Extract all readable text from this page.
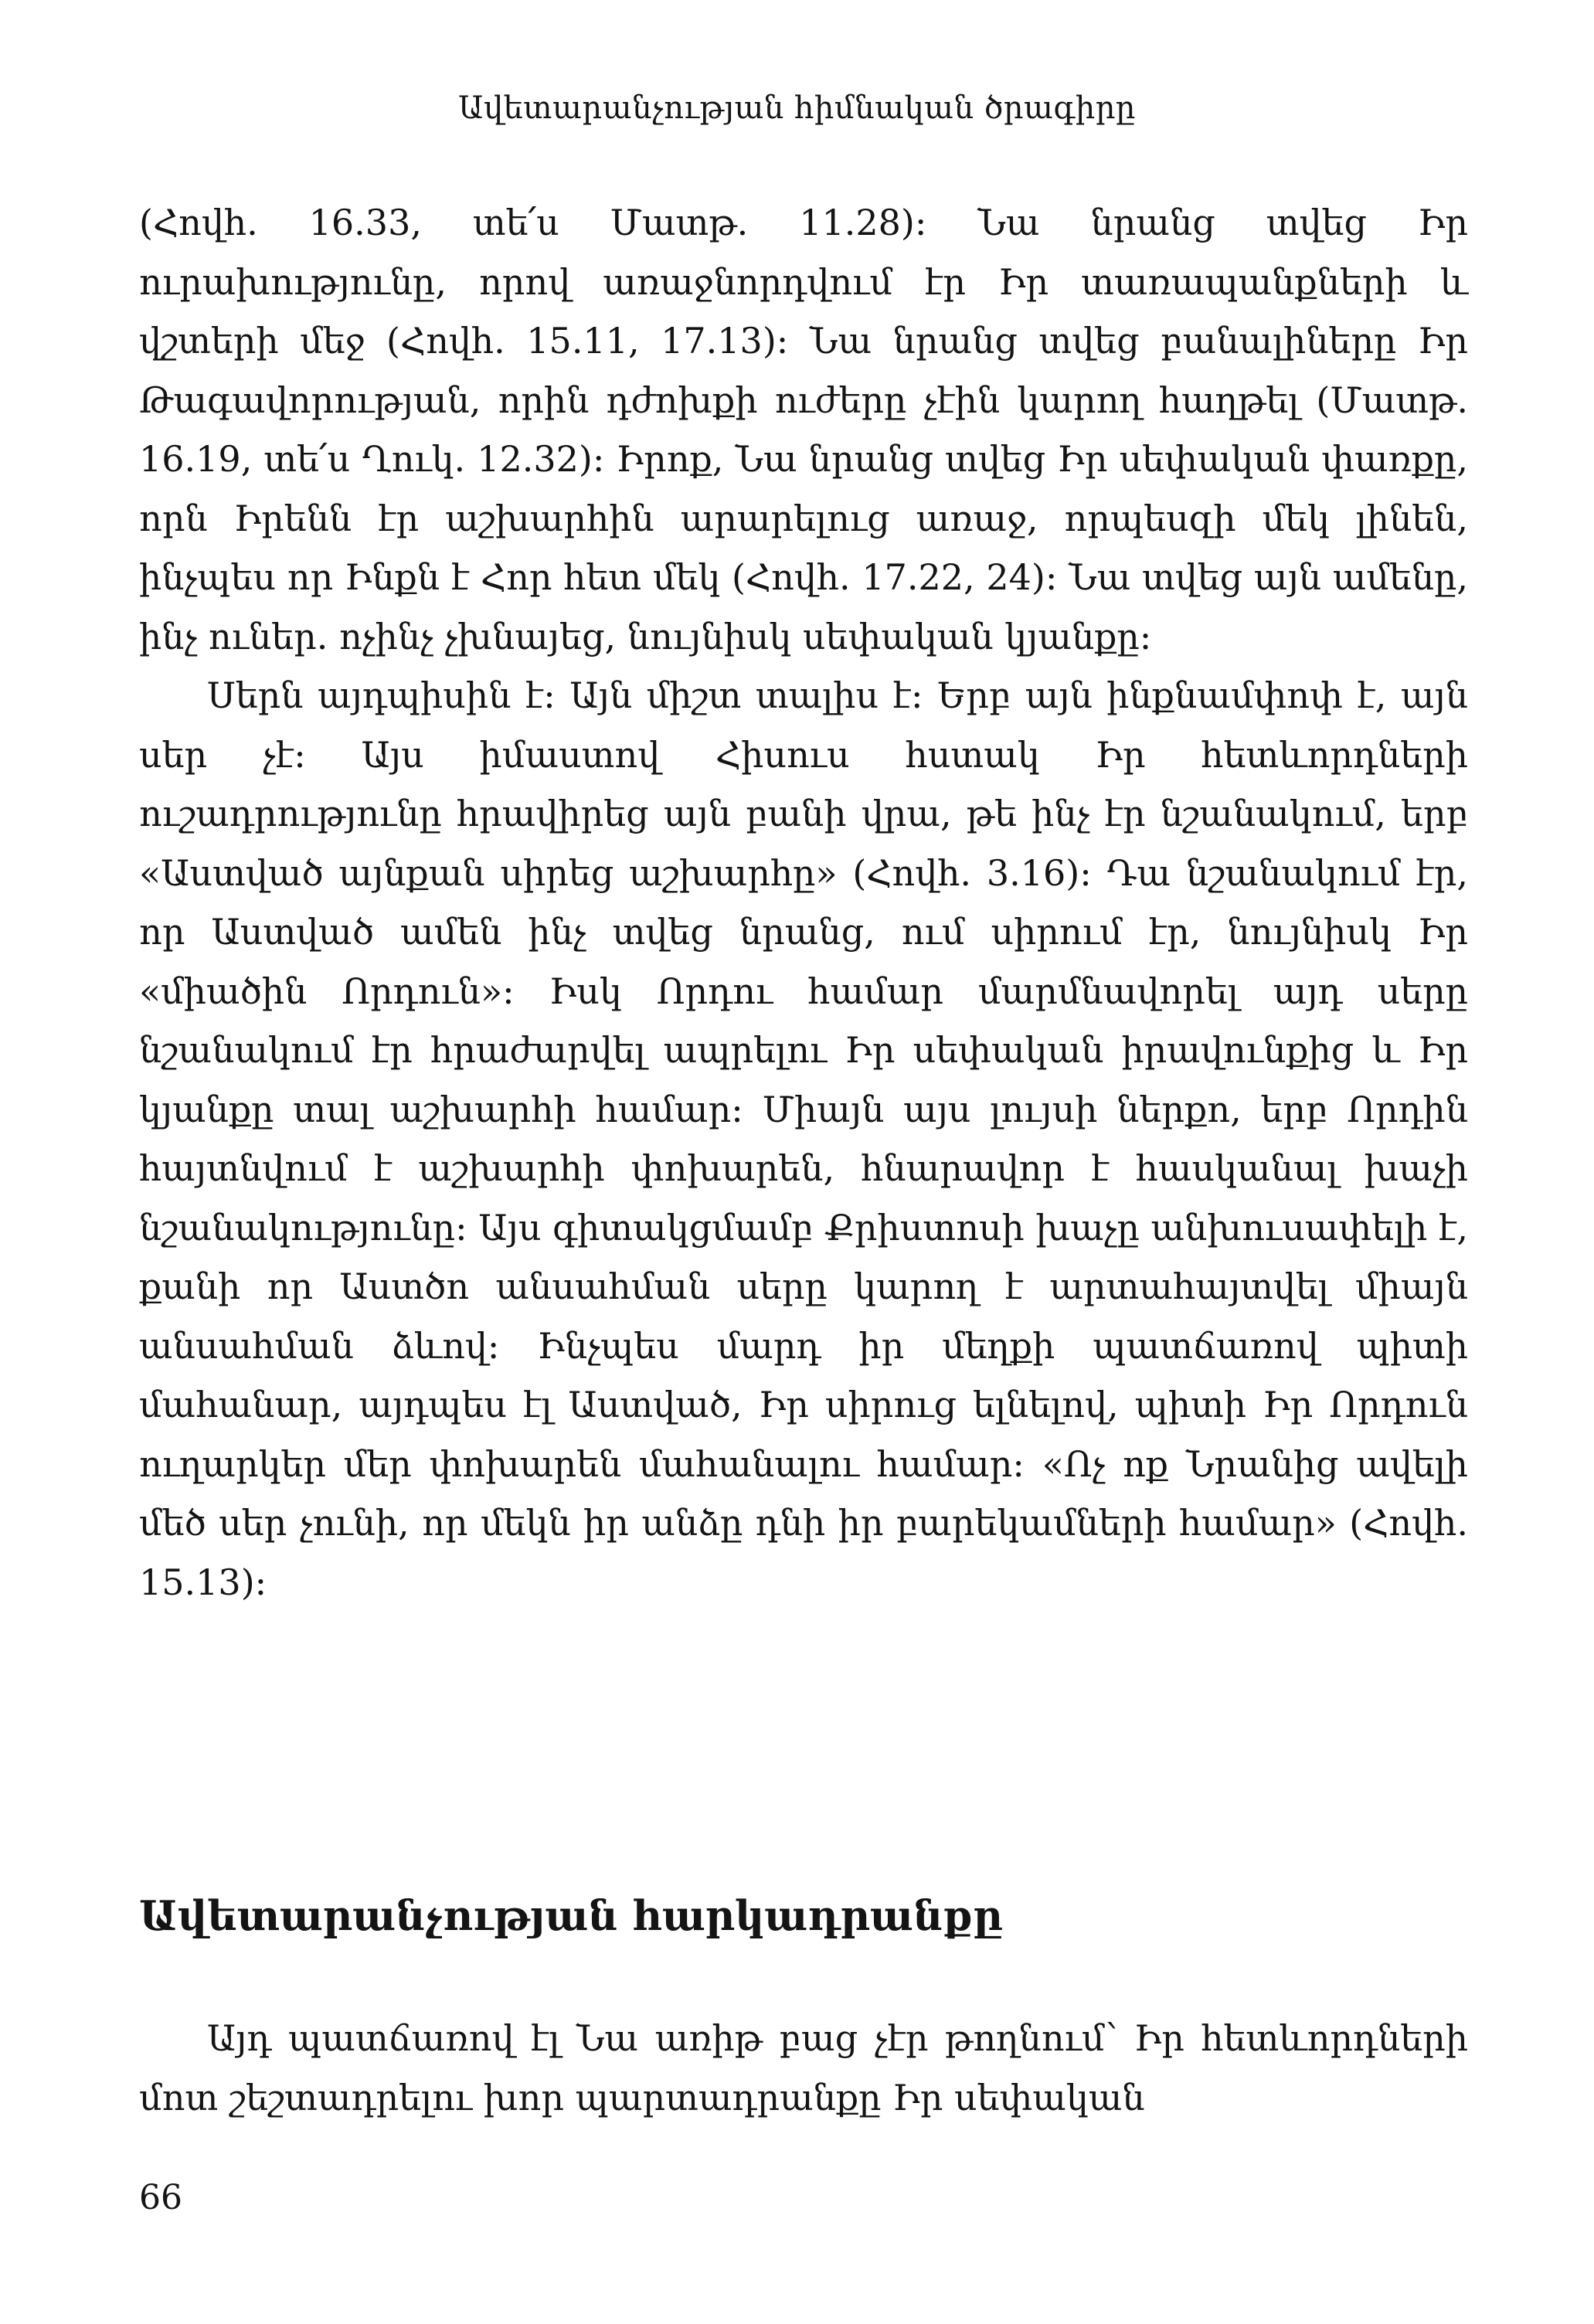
Ավետարանչության հիմնական ծրագիրը

(Հովհ. 16.33, տե՛ս Մատթ. 11.28)։ Նա նրանց տվեց Իր ուրախությունը, որով առաջնորդվում էր Իր տառապանքների և վշտերի մեջ (Հովհ. 15.11, 17.13)։ Նա նրանց տվեց բանալիները Իր Թագավորության, որին դժոխքի ուժերը չէին կարող հաղթել (Մատթ. 16.19, տե՛ս Ղուկ. 12.32)։ Իրոք, Նա նրանց տվեց Իր սեփական փառքը, որն Իրենն էր աշխարհին արարելուց առաջ, որպեսզի մեկ լինեն, ինչպես որ Ինքն է Հոր հետ մեկ (Հովհ. 17.22, 24)։ Նա տվեց այն ամենը, ինչ ուներ. ոչինչ չխնայեց, նույնիսկ սեփական կյանքը։

Սերն այդպիսին է։ Այն միշտ տալիս է։ Երբ այն ինքնամփոփ է, այն սեր չէ։ Այս իմաստով Հիսուս հստակ Իր հետևորդների ուշադրությունը հրավիրեց այն բանի վրա, թե ինչ էր նշանակում, երբ «Աստված այնքան սիրեց աշխարհը» (Հովհ. 3.16)։ Դա նշանակում էր, որ Աստված ամեն ինչ տվեց նրանց, ում սիրում էր, նույնիսկ Իր «միածին Որդուն»։ Իսկ Որդու համար մարմնավորել այդ սերը նշանակում էր հրաժարվել ապրելու Իր սեփական իրավունքից և Իր կյանքը տալ աշխարհի համար։ Միայն այս լույսի ներքո, երբ Որդին հայտնվում է աշխարհի փոխարեն, հնարավոր է հասկանալ խաչի նշանակությունը։ Այս գիտակցմամբ Քրիստոսի խաչը անխուսափելի է, քանի որ Աստծո անսահման սերը կարող է արտահայտվել միայն անսահման ձևով։ Ինչպես մարդ իր մեղքի պատճառով պիտի մահանար, այդպես էլ Աստված, Իր սիրուց ելնելով, պիտի Իր Որդուն ուղարկեր մեր փոխարեն մահանալու համար։ «Ոչ ոք Նրանից ավելի մեծ սեր չունի, որ մեկն իր անձը դնի իր բարեկամների համար» (Հովհ. 15.13)։

Ավետարանչության հարկադրանքը

Այդ պատճառով էլ Նա առիթ բաց չէր թողնում՝ Իր հետևորդների մոտ շեշտադրելու խոր պարտադրանքը Իր սեփական

66
